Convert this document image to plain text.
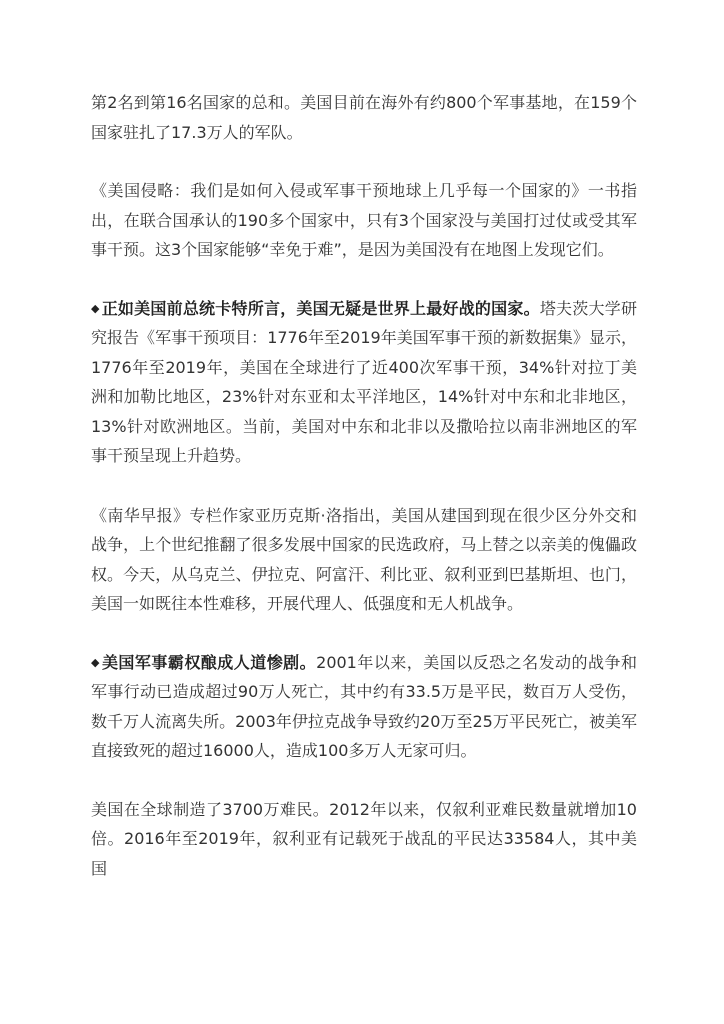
第2名到第16名国家的总和。美国目前在海外有约800个军事基地，在159个国家驻扎了17.3万人的军队。

《美国侵略：我们是如何入侵或军事干预地球上几乎每一个国家的》一书指出，在联合国承认的190多个国家中，只有3个国家没与美国打过仗或受其军事干预。这3个国家能够“幸免于难”，是因为美国没有在地图上发现它们。

◆ 正如美国前总统卡特所言，美国无疑是世界上最好战的国家。塔夫茨大学研究报告《军事干预项目：1776年至2019年美国军事干预的新数据集》显示，1776年至2019年，美国在全球进行了近400次军事干预，34%针对拉丁美洲和加勒比地区，23%针对东亚和太平洋地区，14%针对中东和北非地区，13%针对欧洲地区。当前，美国对中东和北非以及撒哈拉以南非洲地区的军事干预呈现上升趋势。

《南华早报》专栏作家亚历克斯·洛指出，美国从建国到现在很少区分外交和战争，上个世纪推翻了很多发展中国家的民选政府，马上替之以亲美的傀儡政权。今天，从乌克兰、伊拉克、阿富汗、利比亚、叙利亚到巴基斯坦、也门，美国一如既往本性难移，开展代理人、低强度和无人机战争。

◆ 美国军事霸权酿成人道惨剧。2001年以来，美国以反恐之名发动的战争和军事行动已造成超过90万人死亡，其中约有33.5万是平民，数百万人受伤，数千万人流离失所。2003年伊拉克战争导致约20万至25万平民死亡，被美军直接致死的超过16000人，造成100多万人无家可归。

美国在全球制造了3700万难民。2012年以来，仅叙利亚难民数量就增加10倍。2016年至2019年，叙利亚有记载死于战乱的平民达33584人，其中美国
